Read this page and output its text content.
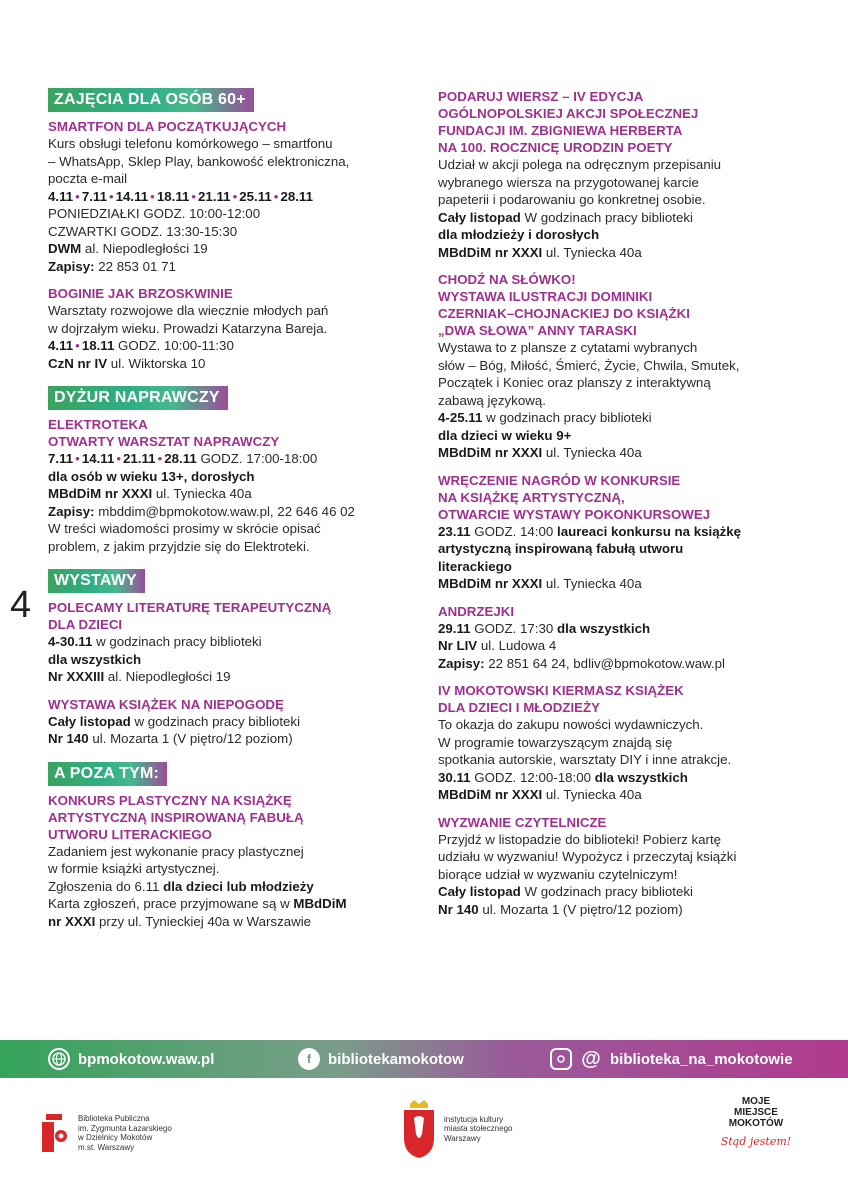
ZAJĘCIA DLA OSÓB 60+
SMARTFON DLA POCZĄTKUJĄCYCH
Kurs obsługi telefonu komórkowego – smartfonu
– WhatsApp, Sklep Play, bankowość elektroniczna,
poczta e-mail
4.11 • 7.11 • 14.11 • 18.11 • 21.11 • 25.11 • 28.11
PONIEDZIAŁKI GODZ. 10:00-12:00
CZWARTKI GODZ. 13:30-15:30
DWM al. Niepodległości 19
Zapisy: 22 853 01 71
BOGINIE JAK BRZOSKWINIE
Warsztaty rozwojowe dla wiecznie młodych pań
w dojrzałym wieku. Prowadzi Katarzyna Bareja.
4.11 • 18.11 GODZ. 10:00-11:30
CzN nr IV ul. Wiktorska 10
DYŻUR NAPRAWCZY
ELEKTROTEKA
OTWARTY WARSZTAT NAPRAWCZY
7.11 • 14.11 • 21.11 • 28.11 GODZ. 17:00-18:00
dla osób w wieku 13+, dorosłych
MBdDiM nr XXXI ul. Tyniecka 40a
Zapisy: mbddim@bpmokotow.waw.pl, 22 646 46 02
W treści wiadomości prosimy w skrócie opisać
problem, z jakim przyjdzie się do Elektroteki.
WYSTAWY
POLECAMY LITERATURĘ TERAPEUTYCZNĄ
DLA DZIECI
4-30.11 w godzinach pracy biblioteki
dla wszystkich
Nr XXXIII al. Niepodległości 19
WYSTAWA KSIĄŻEK NA NIEPOGODĘ
Cały listopad w godzinach pracy biblioteki
Nr 140 ul. Mozarta 1 (V piętro/12 poziom)
A POZA TYM:
KONKURS PLASTYCZNY NA KSIĄŻKĘ
ARTYSTYCZNĄ INSPIROWANĄ FABUŁĄ
UTWORU LITERACKIEGO
Zadaniem jest wykonanie pracy plastycznej
w formie książki artystycznej.
Zgłoszenia do 6.11 dla dzieci lub młodzieży
Karta zgłoszeń, prace przyjmowane są w MBdDiM
nr XXXI przy ul. Tynieckiej 40a w Warszawie
PODARUJ WIERSZ – IV EDYCJA
OGÓLNOPOLSKIEJ AKCJI SPOŁECZNEJ
FUNDACJI IM. ZBIGNIEWA HERBERTA
NA 100. ROCZNICĘ URODZIN POETY
Udział w akcji polega na odręcznym przepisaniu
wybranego wiersza na przygotowanej karcie
papeterii i podarowaniu go konkretnej osobie.
Cały listopad W godzinach pracy biblioteki
dla młodzieży i dorosłych
MBdDiM nr XXXI ul. Tyniecka 40a
CHODŹ NA SŁÓWKO!
WYSTAWA ILUSTRACJI DOMINIKI
CZERNIAK–CHOJNACKIEJ DO KSIĄŻKI
„DWA SŁOWA” ANNY TARASKI
Wystawa to z plansze z cytatami wybranych
słów – Bóg, Miłość, Śmierć, Życie, Chwila, Smutek,
Początek i Koniec oraz planszy z interaktywną
zabawą językową.
4-25.11 w godzinach pracy biblioteki
dla dzieci w wieku 9+
MBdDiM nr XXXI ul. Tyniecka 40a
WRĘCZENIE NAGRÓD W KONKURSIE
NA KSIĄŻKĘ ARTYSTYCZNĄ,
OTWARCIE WYSTAWY POKONKURSOWEJ
23.11 GODZ. 14:00 laureaci konkursu na książkę
artystyczną inspirowaną fabułą utworu
literackiego
MBdDiM nr XXXI ul. Tyniecka 40a
ANDRZEJKI
29.11 GODZ. 17:30 dla wszystkich
Nr LIV ul. Ludowa 4
Zapisy: 22 851 64 24, bdliv@bpmokotow.waw.pl
IV MOKOTOWSKI KIERMASZ KSIĄŻEK
DLA DZIECI I MŁODZIEŻY
To okazja do zakupu nowości wydawniczych.
W programie towarzyszącym znajdą się
spotkania autorskie, warsztaty DIY i inne atrakcje.
30.11 GODZ. 12:00-18:00 dla wszystkich
MBdDiM nr XXXI ul. Tyniecka 40a
WYZWANIE CZYTELNICZE
Przyjdź w listopadzie do biblioteki! Pobierz kartę
udziału w wyzwaniu! Wypożycz i przeczytaj książki
biorące udział w wyzwaniu czytelniczym!
Cały listopad W godzinach pracy biblioteki
Nr 140 ul. Mozarta 1 (V piętro/12 poziom)
4
bpmokotow.waw.pl	f	bibliotekamokotow	@ biblioteka_na_mokotowie
Biblioteka Publiczna
im. Zygmunta Łazarskiego
w Dzielnicy Mokotów
m.st. Warszawy
instytucja kultury
miasta stołecznego
Warszawy
MOJE
MIEJSCE
MOKOTÓW
Stąd jestem!
